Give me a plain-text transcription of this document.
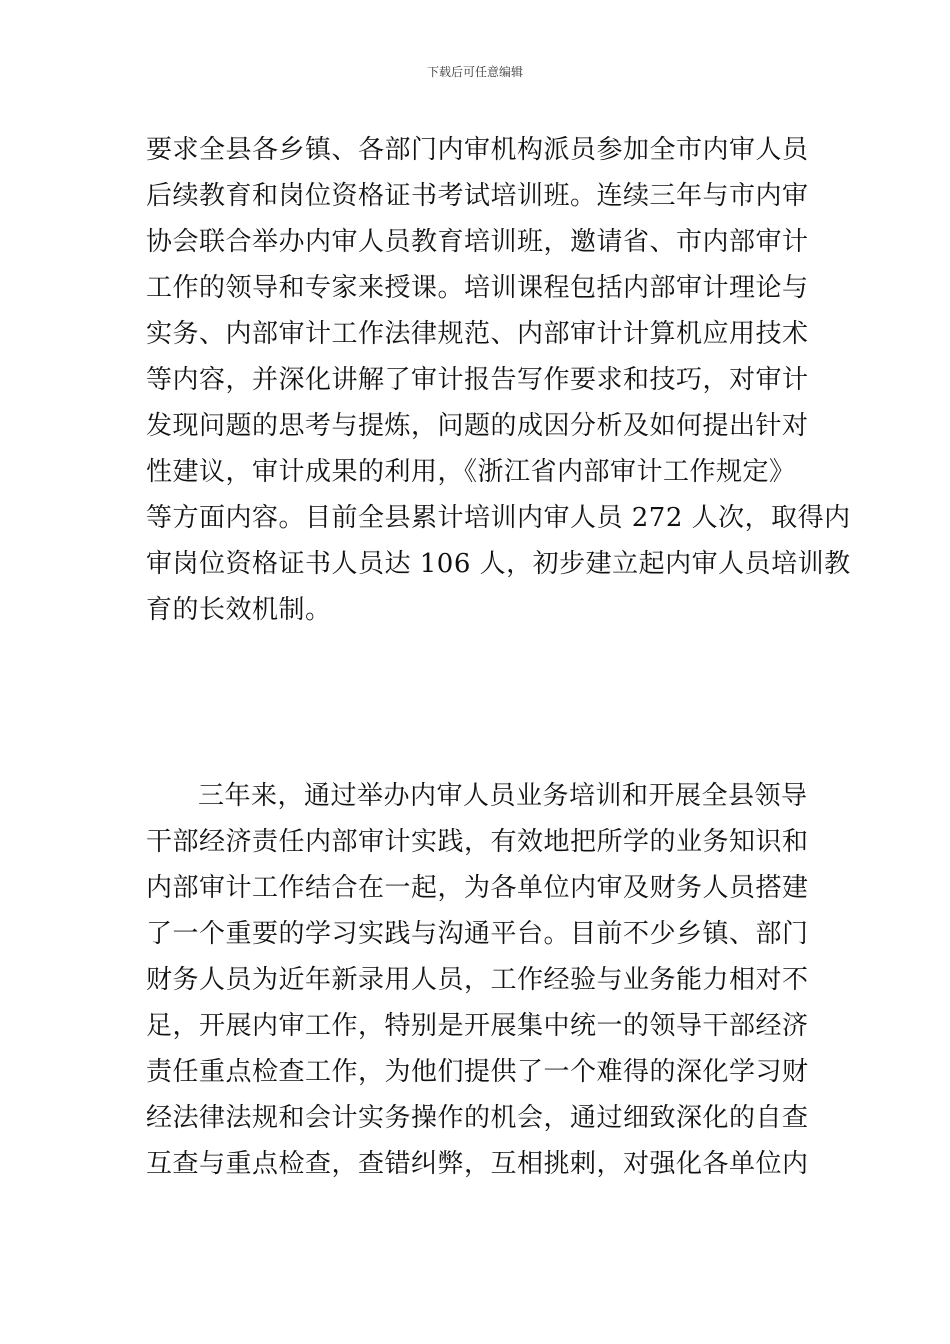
下载后可任意编辑
要求全县各乡镇、各部门内审机构派员参加全市内审人员
后续教育和岗位资格证书考试培训班。连续三年与市内审
协会联合举办内审人员教育培训班，邀请省、市内部审计
工作的领导和专家来授课。培训课程包括内部审计理论与
实务、内部审计工作法律规范、内部审计计算机应用技术
等内容，并深化讲解了审计报告写作要求和技巧，对审计
发现问题的思考与提炼，问题的成因分析及如何提出针对
性建议，审计成果的利用，《浙江省内部审计工作规定》
等方面内容。目前全县累计培训内审人员 272 人次，取得内
审岗位资格证书人员达 106 人，初步建立起内审人员培训教
育的长效机制。
三年来，通过举办内审人员业务培训和开展全县领导
干部经济责任内部审计实践，有效地把所学的业务知识和
内部审计工作结合在一起，为各单位内审及财务人员搭建
了一个重要的学习实践与沟通平台。目前不少乡镇、部门
财务人员为近年新录用人员，工作经验与业务能力相对不
足，开展内审工作，特别是开展集中统一的领导干部经济
责任重点检查工作，为他们提供了一个难得的深化学习财
经法律法规和会计实务操作的机会，通过细致深化的自查
互查与重点检查，查错纠弊，互相挑剌，对强化各单位内
